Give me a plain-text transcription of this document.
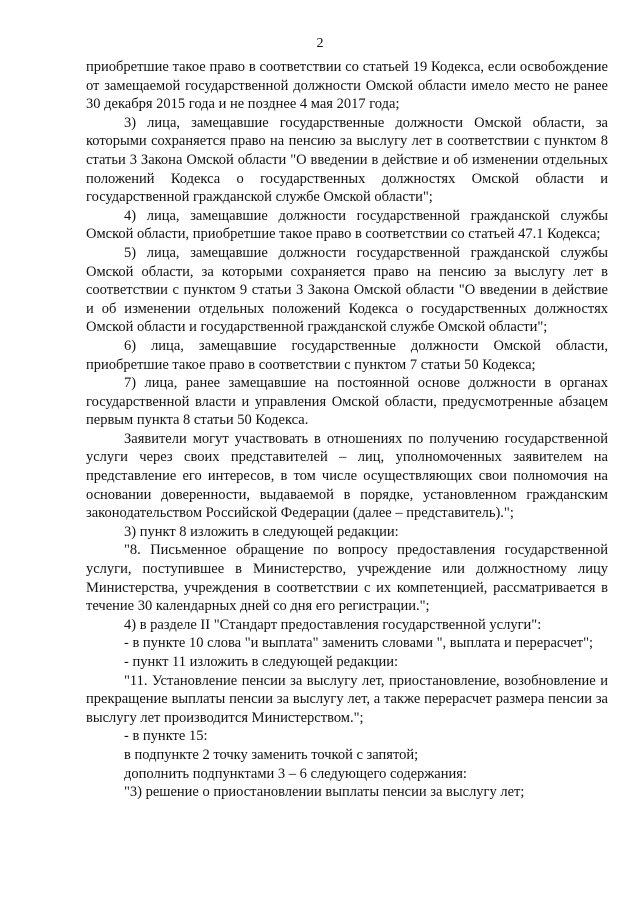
2

приобретшие такое право в соответствии со статьей 19 Кодекса, если освобождение от замещаемой государственной должности Омской области имело место не ранее 30 декабря 2015 года и не позднее 4 мая 2017 года;

3) лица, замещавшие государственные должности Омской области, за которыми сохраняется право на пенсию за выслугу лет в соответствии с пунктом 8 статьи 3 Закона Омской области "О введении в действие и об изменении отдельных положений Кодекса о государственных должностях Омской области и государственной гражданской службе Омской области";

4) лица, замещавшие должности государственной гражданской службы Омской области, приобретшие такое право в соответствии со статьей 47.1 Кодекса;

5) лица, замещавшие должности государственной гражданской службы Омской области, за которыми сохраняется право на пенсию за выслугу лет в соответствии с пунктом 9 статьи 3 Закона Омской области "О введении в действие и об изменении отдельных положений Кодекса о государственных должностях Омской области и государственной гражданской службе Омской области";

6) лица, замещавшие государственные должности Омской области, приобретшие такое право в соответствии с пунктом 7 статьи 50 Кодекса;

7) лица, ранее замещавшие на постоянной основе должности в органах государственной власти и управления Омской области, предусмотренные абзацем первым пункта 8 статьи 50 Кодекса.

Заявители могут участвовать в отношениях по получению государственной услуги через своих представителей – лиц, уполномоченных заявителем на представление его интересов, в том числе осуществляющих свои полномочия на основании доверенности, выдаваемой в порядке, установленном гражданским законодательством Российской Федерации (далее – представитель).";

3) пункт 8 изложить в следующей редакции:

"8. Письменное обращение по вопросу предоставления государственной услуги, поступившее в Министерство, учреждение или должностному лицу Министерства, учреждения в соответствии с их компетенцией, рассматривается в течение 30 календарных дней со дня его регистрации.";

4) в разделе II "Стандарт предоставления государственной услуги":

- в пункте 10 слова "и выплата" заменить словами ", выплата и перерасчет";

- пункт 11 изложить в следующей редакции:

"11. Установление пенсии за выслугу лет, приостановление, возобновление и прекращение выплаты пенсии за выслугу лет, а также перерасчет размера пенсии за выслугу лет производится Министерством.";

- в пункте 15:

в подпункте 2 точку заменить точкой с запятой;

дополнить подпунктами 3 – 6 следующего содержания:

"3) решение о приостановлении выплаты пенсии за выслугу лет;
